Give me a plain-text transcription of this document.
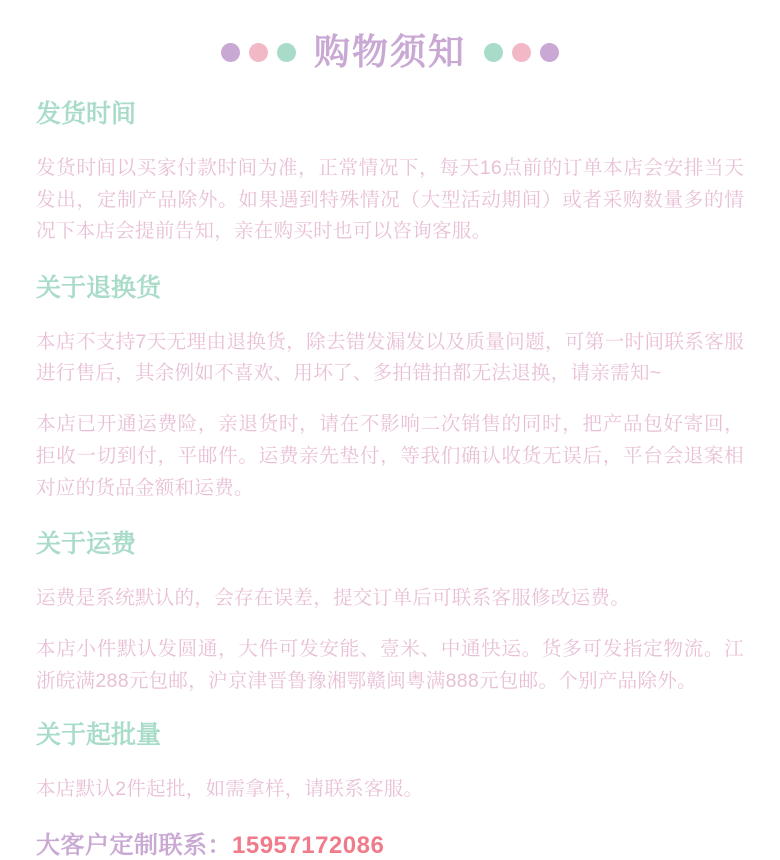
购物须知
发货时间

发货时间以买家付款时间为准，正常情况下，每天16点前的订单本店会安排当天发出，定制产品除外。如果遇到特殊情况（大型活动期间）或者采购数量多的情况下本店会提前告知，亲在购买时也可以咨询客服。

关于退换货

本店不支持7天无理由退换货，除去错发漏发以及质量问题，可第一时间联系客服进行售后，其余例如不喜欢、用坏了、多拍错拍都无法退换，请亲需知~

本店已开通运费险，亲退货时，请在不影响二次销售的同时，把产品包好寄回，拒收一切到付，平邮件。运费亲先垫付，等我们确认收货无误后，平台会退案相对应的货品金额和运费。

关于运费

运费是系统默认的，会存在误差，提交订单后可联系客服修改运费。

本店小件默认发圆通，大件可发安能、壹米、中通快运。货多可发指定物流。江浙皖满288元包邮，沪京津晋鲁豫湘鄂赣闽粤满888元包邮。个别产品除外。

关于起批量

本店默认2件起批，如需拿样，请联系客服。

大客户定制联系：15957172086
